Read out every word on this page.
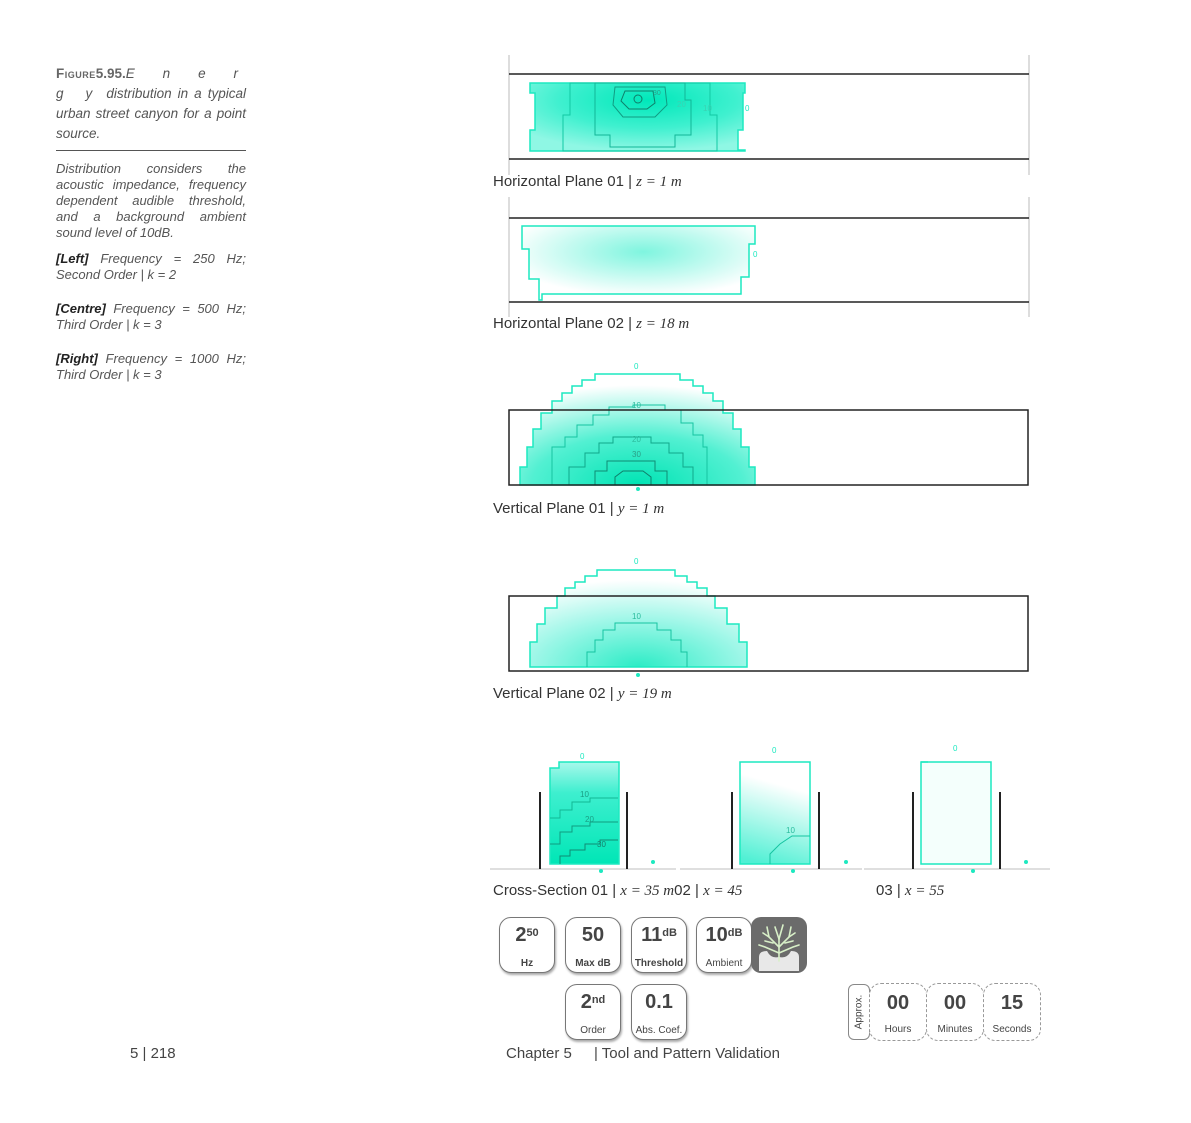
Figure5.95.E n e r g y distribution in a typical urban street canyon for a point source.

Distribution considers the acoustic impedance, frequency dependent audible threshold, and a background ambient sound level of 10dB.

[Left] Frequency = 250 Hz; Second Order | k = 2

[Centre] Frequency = 500 Hz; Third Order | k = 3

[Right] Frequency = 1000 Hz; Third Order | k = 3

0
10
20
30
Horizontal Plane 01 | z = 1 m
0
Horizontal Plane 02 | z = 18 m
0
10
20
30
Vertical Plane 01 | y = 1 m
0
10
Vertical Plane 02 | y = 19 m
0
10
20
30
0
10
0
Cross-Section 01 | x = 35 m02 | x = 45	03 | x = 55
$2^{50}$
Hz
50
Max dB
$11^{dB}$
Threshold
$10^{dB}$
Ambient
2nd
Order
0.1
Abs. Coef.
Approx.	00
Hours
00
Minutes
15
Seconds
5 | 218	Chapter 5 | Tool and Pattern Validation
